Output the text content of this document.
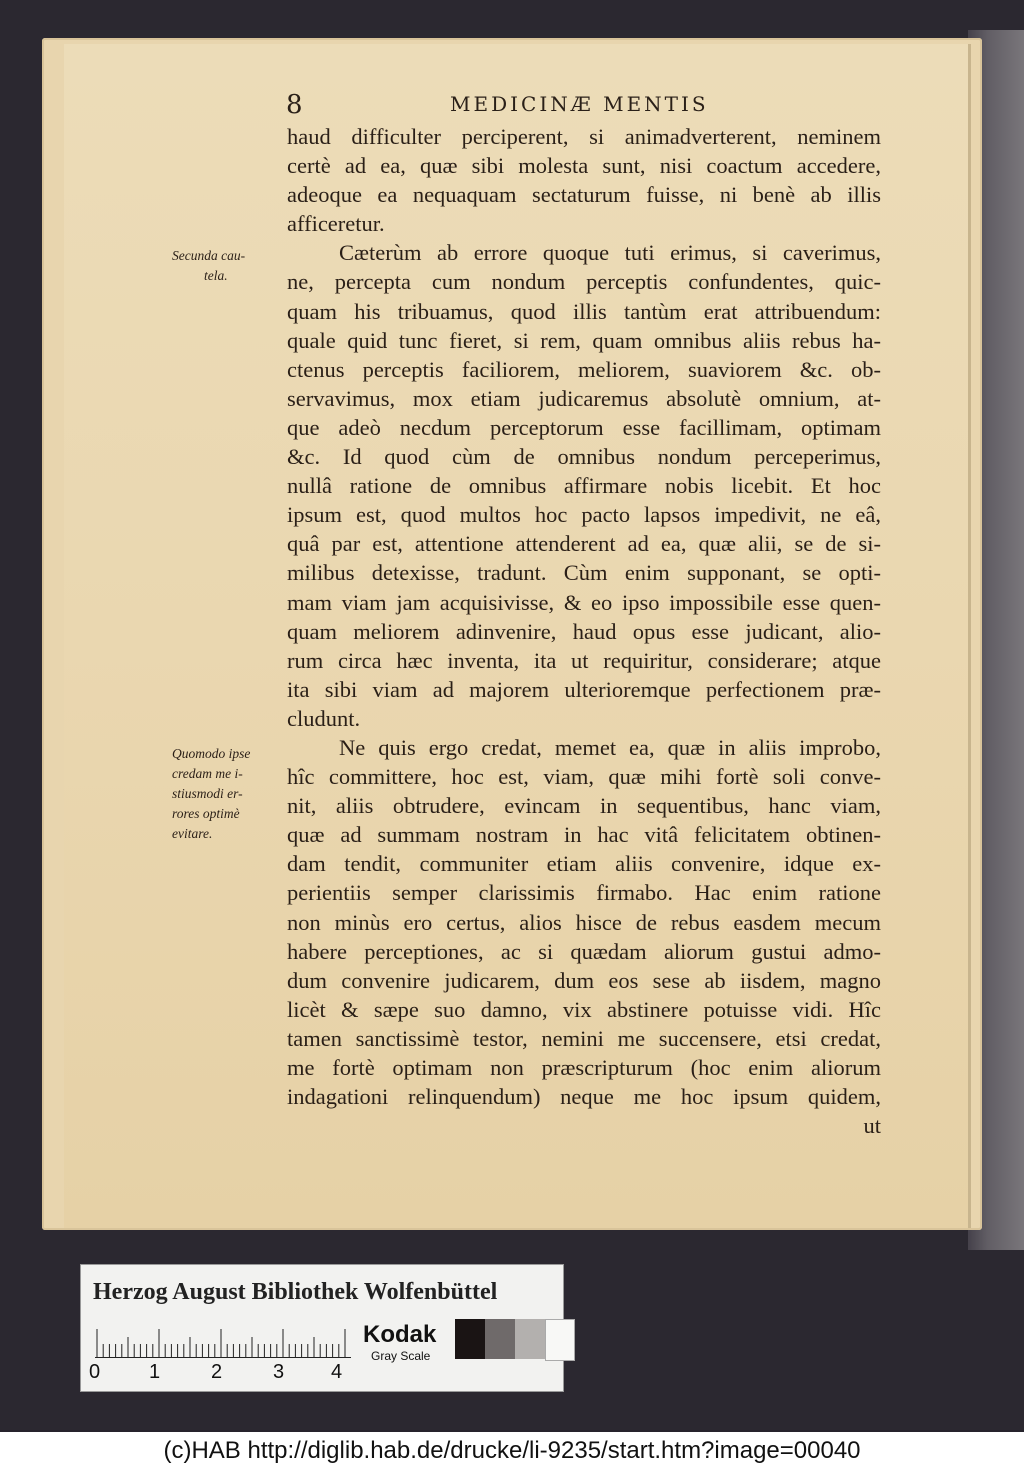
8	MEDICINÆ MENTIS
Secunda cau-
tela.
Quomodo ipse
credam me i-
stiusmodi er-
rores optimè
evitare.
haud difficulter perciperent, si animadverterent, neminem
certè ad ea, quæ sibi molesta sunt, nisi coactum accedere,
adeoque ea nequaquam sectaturum fuisse, ni benè ab illis
afficeretur.
Cæterùm ab errore quoque tuti erimus, si caverimus,
ne, percepta cum nondum perceptis confundentes, quic-
quam his tribuamus, quod illis tantùm erat attribuendum:
quale quid tunc fieret, si rem, quam omnibus aliis rebus ha-
ctenus perceptis faciliorem, meliorem, suaviorem &c. ob-
servavimus, mox etiam judicaremus absolutè omnium, at-
que adeò necdum perceptorum esse facillimam, optimam
&c. Id quod cùm de omnibus nondum perceperimus,
nullâ ratione de omnibus affirmare nobis licebit. Et hoc
ipsum est, quod multos hoc pacto lapsos impedivit, ne eâ,
quâ par est, attentione attenderent ad ea, quæ alii, se de si-
milibus detexisse, tradunt. Cùm enim supponant, se opti-
mam viam jam acquisivisse, & eo ipso impossibile esse quen-
quam meliorem adinvenire, haud opus esse judicant, alio-
rum circa hæc inventa, ita ut requiritur, considerare; atque
ita sibi viam ad majorem ulterioremque perfectionem præ-
cludunt.
Ne quis ergo credat, memet ea, quæ in aliis improbo,
hîc committere, hoc est, viam, quæ mihi fortè soli conve-
nit, aliis obtrudere, evincam in sequentibus, hanc viam,
quæ ad summam nostram in hac vitâ felicitatem obtinen-
dam tendit, communiter etiam aliis convenire, idque ex-
perientiis semper clarissimis firmabo. Hac enim ratione
non minùs ero certus, alios hisce de rebus easdem mecum
habere perceptiones, ac si quædam aliorum gustui admo-
dum convenire judicarem, dum eos sese ab iisdem, magno
licèt & sæpe suo damno, vix abstinere potuisse vidi. Hîc
tamen sanctissimè testor, nemini me succensere, etsi credat,
me fortè optimam non præscripturum (hoc enim aliorum
indagationi relinquendum) neque me hoc ipsum quidem,
ut
Herzog August Bibliothek Wolfenbüttel
0 1	2	3 4
Kodak
Gray Scale
(c)HAB http://diglib.hab.de/drucke/li-9235/start.htm?image=00040
